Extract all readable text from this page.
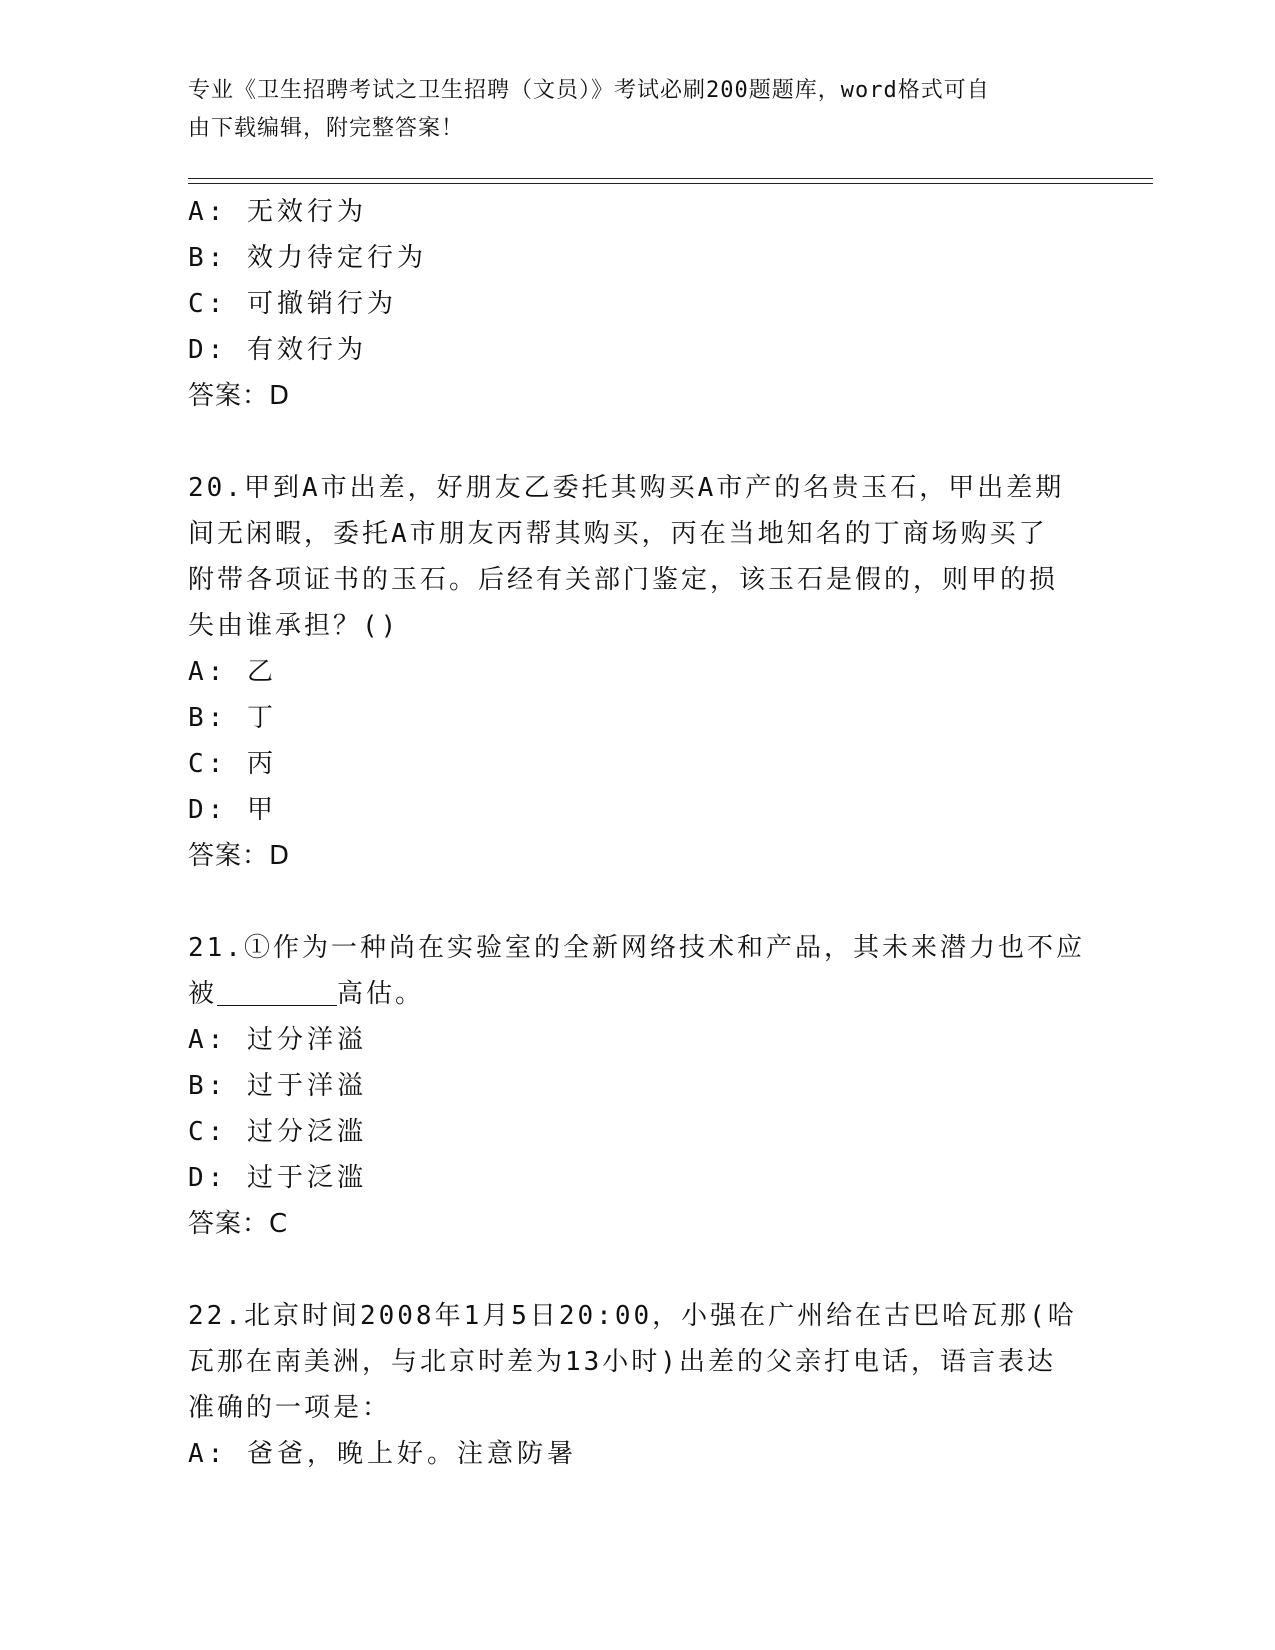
专业《卫生招聘考试之卫生招聘（文员）》考试必刷200题题库，word格式可自
由下载编辑，附完整答案！
A: 无效行为
B: 效力待定行为
C: 可撤销行为
D: 有效行为
答案：D
20.甲到A市出差，好朋友乙委托其购买A市产的名贵玉石，甲出差期
间无闲暇，委托A市朋友丙帮其购买，丙在当地知名的丁商场购买了
附带各项证书的玉石。后经有关部门鉴定，该玉石是假的，则甲的损
失由谁承担？()
A: 乙
B: 丁
C: 丙
D: 甲
答案：D
21.①作为一种尚在实验室的全新网络技术和产品，其未来潜力也不应
被	高估。
A: 过分洋溢
B: 过于洋溢
C: 过分泛滥
D: 过于泛滥
答案：C
22.北京时间2008年1月5日20:00，小强在广州给在古巴哈瓦那(哈
瓦那在南美洲，与北京时差为13小时)出差的父亲打电话，语言表达
准确的一项是：
A: 爸爸，晚上好。注意防暑
